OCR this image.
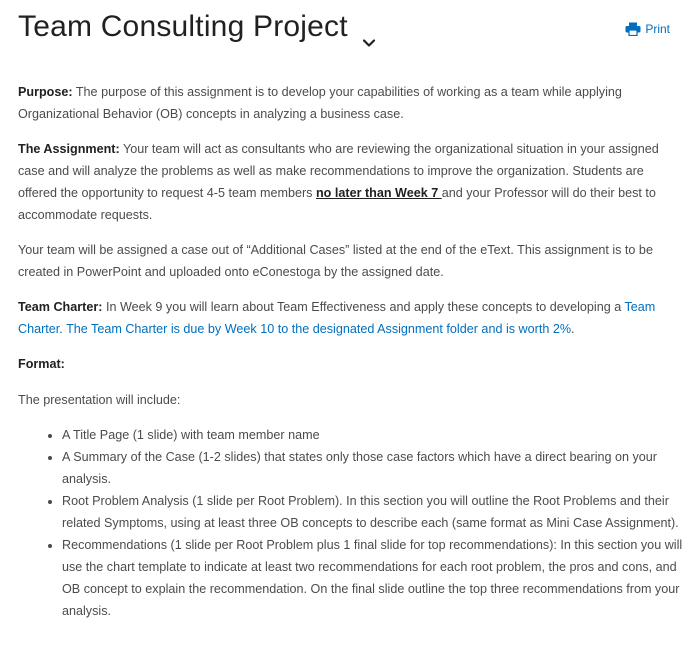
Team Consulting Project	Print

Purpose: The purpose of this assignment is to develop your capabilities of working as a team while applying Organizational Behavior (OB) concepts in analyzing a business case.

The Assignment: Your team will act as consultants who are reviewing the organizational situation in your assigned case and will analyze the problems as well as make recommendations to improve the organization. Students are offered the opportunity to request 4-5 team members no later than Week 7 and your Professor will do their best to accommodate requests.

Your team will be assigned a case out of “Additional Cases” listed at the end of the eText. This assignment is to be created in PowerPoint and uploaded onto eConestoga by the assigned date.

Team Charter: In Week 9 you will learn about Team Effectiveness and apply these concepts to developing a Team Charter. The Team Charter is due by Week 10 to the designated Assignment folder and is worth 2%.

Format:

The presentation will include:

• A Title Page (1 slide) with team member name
• A Summary of the Case (1-2 slides) that states only those case factors which have a direct bearing on your analysis.
• Root Problem Analysis (1 slide per Root Problem). In this section you will outline the Root Problems and their related Symptoms, using at least three OB concepts to describe each (same format as Mini Case Assignment).
• Recommendations (1 slide per Root Problem plus 1 final slide for top recommendations): In this section you will use the chart template to indicate at least two recommendations for each root problem, the pros and cons, and OB concept to explain the recommendation. On the final slide outline the top three recommendations from your analysis.
